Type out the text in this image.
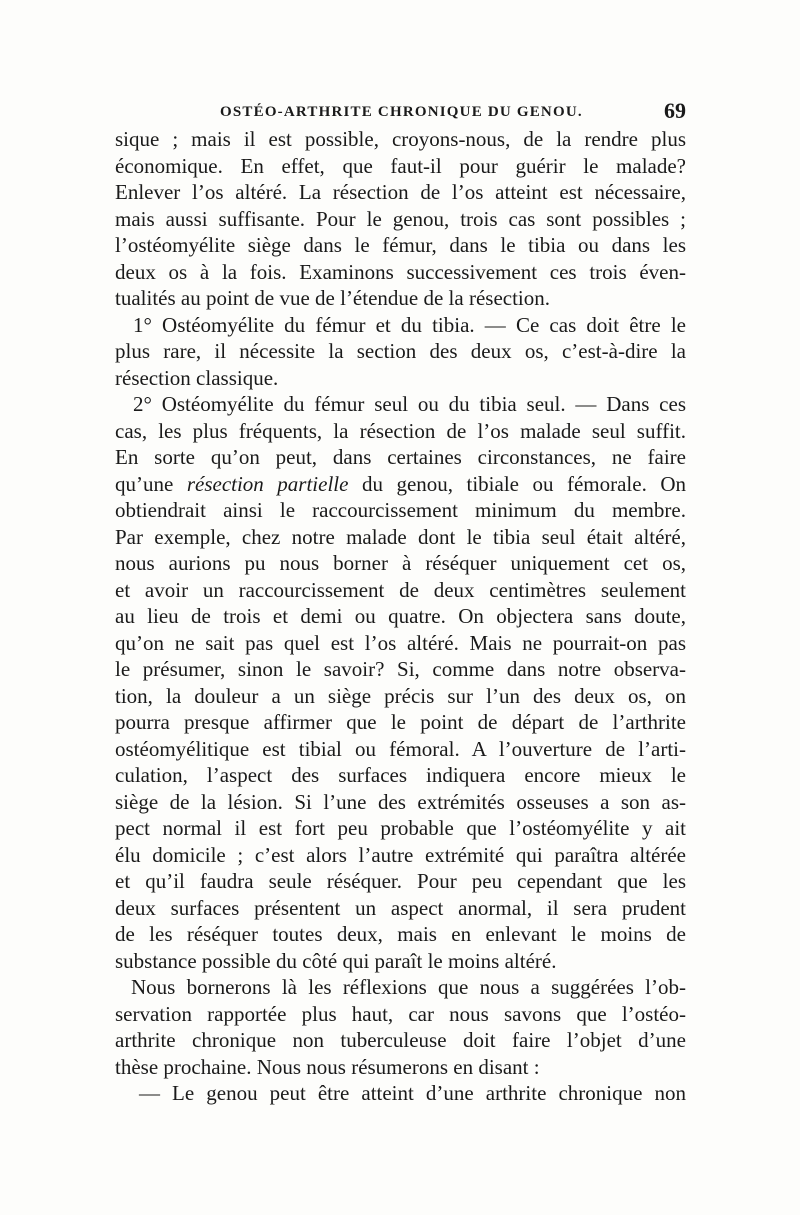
OSTÉO-ARTHRITE CHRONIQUE DU GENOU.	69
sique ; mais il est possible, croyons-nous, de la rendre plus
économique. En effet, que faut-il pour guérir le malade?
Enlever l’os altéré. La résection de l’os atteint est nécessaire,
mais aussi suffisante. Pour le genou, trois cas sont possibles ;
l’ostéomyélite siège dans le fémur, dans le tibia ou dans les
deux os à la fois. Examinons successivement ces trois éven-
tualités au point de vue de l’étendue de la résection.
1° Ostéomyélite du fémur et du tibia. — Ce cas doit être le
plus rare, il nécessite la section des deux os, c’est-à-dire la
résection classique.
2° Ostéomyélite du fémur seul ou du tibia seul. — Dans ces
cas, les plus fréquents, la résection de l’os malade seul suffit.
En sorte qu’on peut, dans certaines circonstances, ne faire
qu’une résection partielle du genou, tibiale ou fémorale. On
obtiendrait ainsi le raccourcissement minimum du membre.
Par exemple, chez notre malade dont le tibia seul était altéré,
nous aurions pu nous borner à réséquer uniquement cet os,
et avoir un raccourcissement de deux centimètres seulement
au lieu de trois et demi ou quatre. On objectera sans doute,
qu’on ne sait pas quel est l’os altéré. Mais ne pourrait-on pas
le présumer, sinon le savoir? Si, comme dans notre observa-
tion, la douleur a un siège précis sur l’un des deux os, on
pourra presque affirmer que le point de départ de l’arthrite
ostéomyélitique est tibial ou fémoral. A l’ouverture de l’arti-
culation, l’aspect des surfaces indiquera encore mieux le
siège de la lésion. Si l’une des extrémités osseuses a son as-
pect normal il est fort peu probable que l’ostéomyélite y ait
élu domicile ; c’est alors l’autre extrémité qui paraîtra altérée
et qu’il faudra seule réséquer. Pour peu cependant que les
deux surfaces présentent un aspect anormal, il sera prudent
de les réséquer toutes deux, mais en enlevant le moins de
substance possible du côté qui paraît le moins altéré.
Nous bornerons là les réflexions que nous a suggérées l’ob-
servation rapportée plus haut, car nous savons que l’ostéo-
arthrite chronique non tuberculeuse doit faire l’objet d’une
thèse prochaine. Nous nous résumerons en disant :
— Le genou peut être atteint d’une arthrite chronique non
